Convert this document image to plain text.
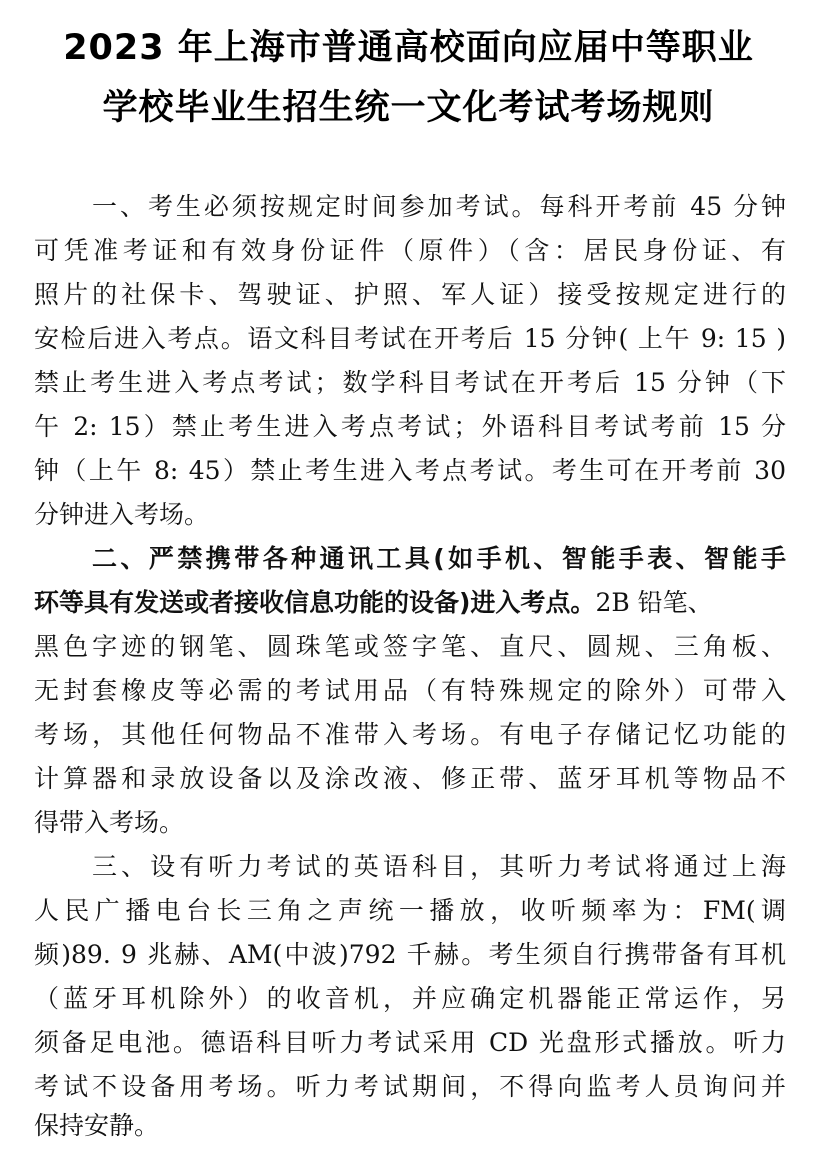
2023 年上海市普通高校面向应届中等职业
学校毕业生招生统一文化考试考场规则
一、考生必须按规定时间参加考试。每科开考前 45 分钟
可凭准考证和有效身份证件（原件）（含：居民身份证、有
照片的社保卡、驾驶证、护照、军人证）接受按规定进行的
安检后进入考点。语文科目考试在开考后 15 分钟( 上午 9: 15 )
禁止考生进入考点考试；数学科目考试在开考后 15 分钟（下
午 2: 15）禁止考生进入考点考试；外语科目考试考前 15 分
钟（上午 8: 45）禁止考生进入考点考试。考生可在开考前 30
分钟进入考场。
二、严禁携带各种通讯工具(如手机、智能手表、智能手
环等具有发送或者接收信息功能的设备)进入考点。2B 铅笔、
黑色字迹的钢笔、圆珠笔或签字笔、直尺、圆规、三角板、
无封套橡皮等必需的考试用品（有特殊规定的除外）可带入
考场，其他任何物品不准带入考场。有电子存储记忆功能的
计算器和录放设备以及涂改液、修正带、蓝牙耳机等物品不
得带入考场。
三、设有听力考试的英语科目，其听力考试将通过上海
人民广播电台长三角之声统一播放，收听频率为：FM(调
频)89. 9 兆赫、AM(中波)792 千赫。考生须自行携带备有耳机
（蓝牙耳机除外）的收音机，并应确定机器能正常运作，另
须备足电池。德语科目听力考试采用 CD 光盘形式播放。听力
考试不设备用考场。听力考试期间，不得向监考人员询问并
保持安静。
